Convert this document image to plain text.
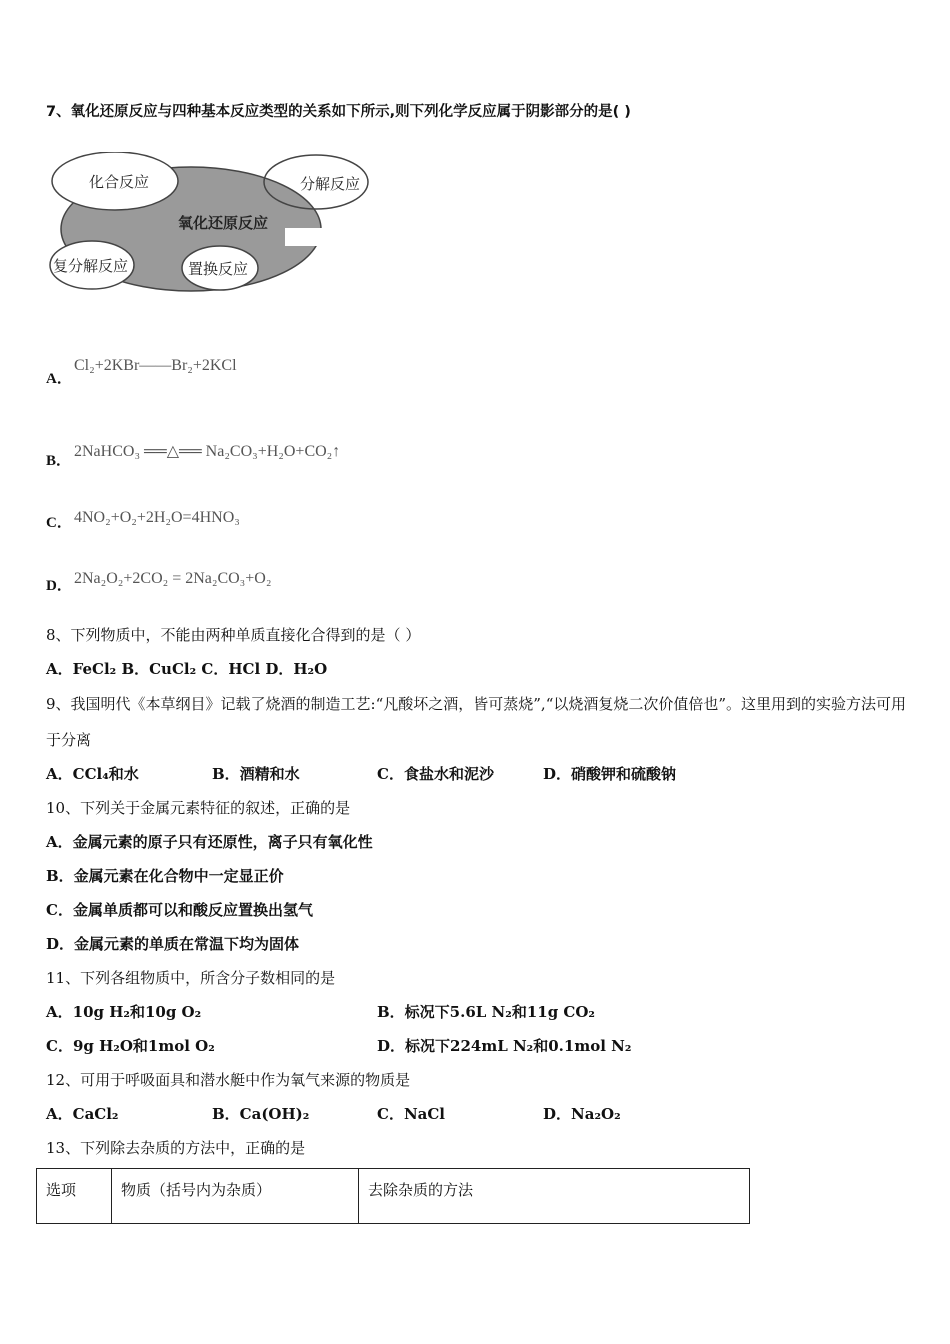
7、氧化还原反应与四种基本反应类型的关系如下所示,则下列化学反应属于阴影部分的是( )
化合反应	分解反应
氧化还原反应
复分解反应	置换反应
A．
Cl₂+2KBr——Br₂+2KCl
B．
2NaHCO₃ ══△══ Na₂CO₃+H₂O+CO₂↑
C． 4NO₂+O₂+2H₂O=4HNO₃
D． 2Na₂O₂+2CO₂ = 2Na₂CO₃+O₂
8、下列物质中，不能由两种单质直接化合得到的是（ ）
A．FeCl₂ B．CuCl₂ C．HCl D．H₂O
9、我国明代《本草纲目》记载了烧酒的制造工艺:“凡酸坏之酒，皆可蒸烧”,“以烧酒复烧二次价值倍也”。这里用到的实验方法可用于分离
A．CCl₄和水	B．酒精和水	C．食盐水和泥沙	D．硝酸钾和硫酸钠
10、下列关于金属元素特征的叙述，正确的是
A．金属元素的原子只有还原性，离子只有氧化性
B．金属元素在化合物中一定显正价
C．金属单质都可以和酸反应置换出氢气
D．金属元素的单质在常温下均为固体
11、下列各组物质中，所含分子数相同的是
A．10g H₂和10g O₂	B．标况下5.6L N₂和11g CO₂
C．9g H₂O和1mol O₂	D．标况下224mL N₂和0.1mol N₂
12、可用于呼吸面具和潜水艇中作为氧气来源的物质是
A．CaCl₂	B．Ca(OH)₂	C．NaCl	D．Na₂O₂
13、下列除去杂质的方法中，正确的是
选项	物质（括号内为杂质）	去除杂质的方法
